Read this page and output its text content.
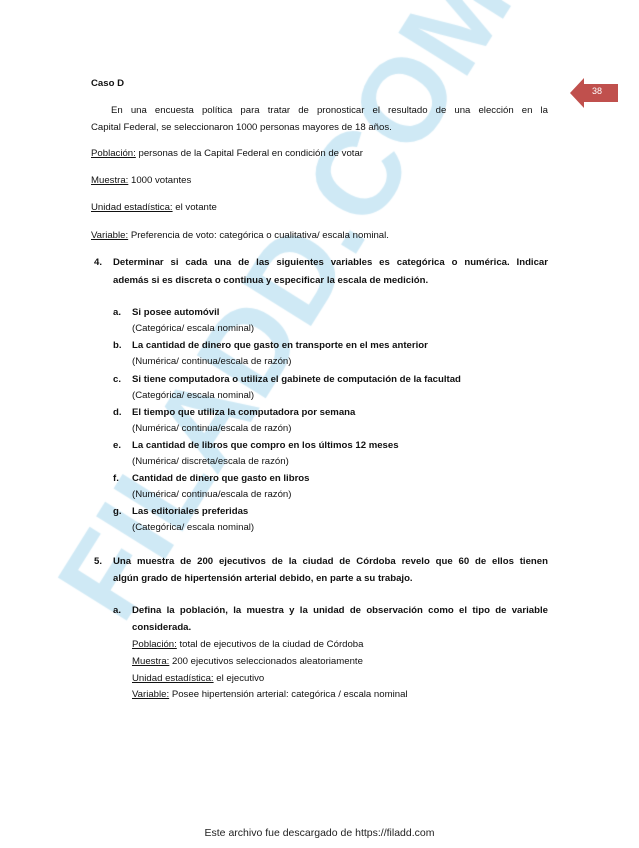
38
Caso D
En una encuesta política para tratar de pronosticar el resultado de una elección en la
Capital Federal, se seleccionaron 1000 personas mayores de 18 años.
Población: personas de la Capital Federal en condición de votar
Muestra: 1000 votantes
Unidad estadística: el votante
Variable: Preferencia de voto: categórica o cualitativa/ escala nominal.
4. Determinar si cada una de las siguientes variables es categórica o numérica. Indicar
además si es discreta o continua y especificar la escala de medición.
a. Si posee automóvil
(Categórica/ escala nominal)
b. La cantidad de dinero que gasto en transporte en el mes anterior
(Numérica/ continua/escala de razón)
c. Si tiene computadora o utiliza el gabinete de computación de la facultad
(Categórica/ escala nominal)
d. El tiempo que utiliza la computadora por semana
(Numérica/ continua/escala de razón)
e. La cantidad de libros que compro en los últimos 12 meses
(Numérica/ discreta/escala de razón)
f. Cantidad de dinero que gasto en libros
(Numérica/ continua/escala de razón)
g. Las editoriales preferidas
(Categórica/ escala nominal)
5. Una muestra de 200 ejecutivos de la ciudad de Córdoba revelo que 60 de ellos tienen
algún grado de hipertensión arterial debido, en parte a su trabajo.
a. Defina la población, la muestra y la unidad de observación como el tipo de variable
considerada.
Población: total de ejecutivos de la ciudad de Córdoba
Muestra: 200 ejecutivos seleccionados aleatoriamente
Unidad estadística: el ejecutivo
Variable: Posee hipertensión arterial: categórica / escala nominal
Este archivo fue descargado de https://filadd.com
